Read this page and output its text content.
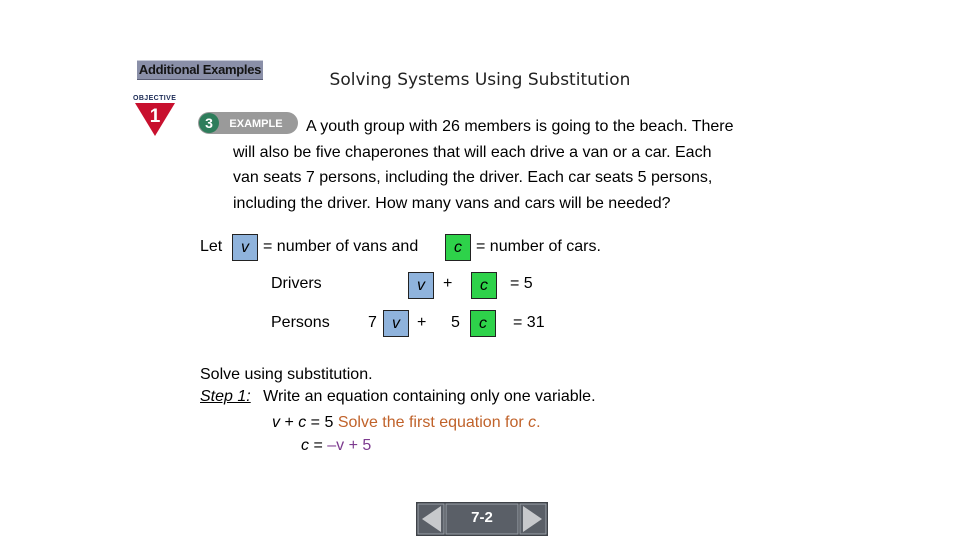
Additional Examples
Solving Systems Using Substitution
OBJECTIVE
1	3 EXAMPLE A youth group with 26 members is going to the beach. There
will also be five chaperones that will each drive a van or a car. Each
van seats 7 persons, including the driver. Each car seats 5 persons,
including the driver. How many vans and cars will be needed?
Let	v = number of vans and	c = number of cars.
Drivers	v	+	c	= 5
Persons 7 v	+ 5	c	= 31
Solve using substitution.
Step 1: Write an equation containing only one variable.
v + c = 5 Solve the first equation for c.
c = –v + 5
7-2
